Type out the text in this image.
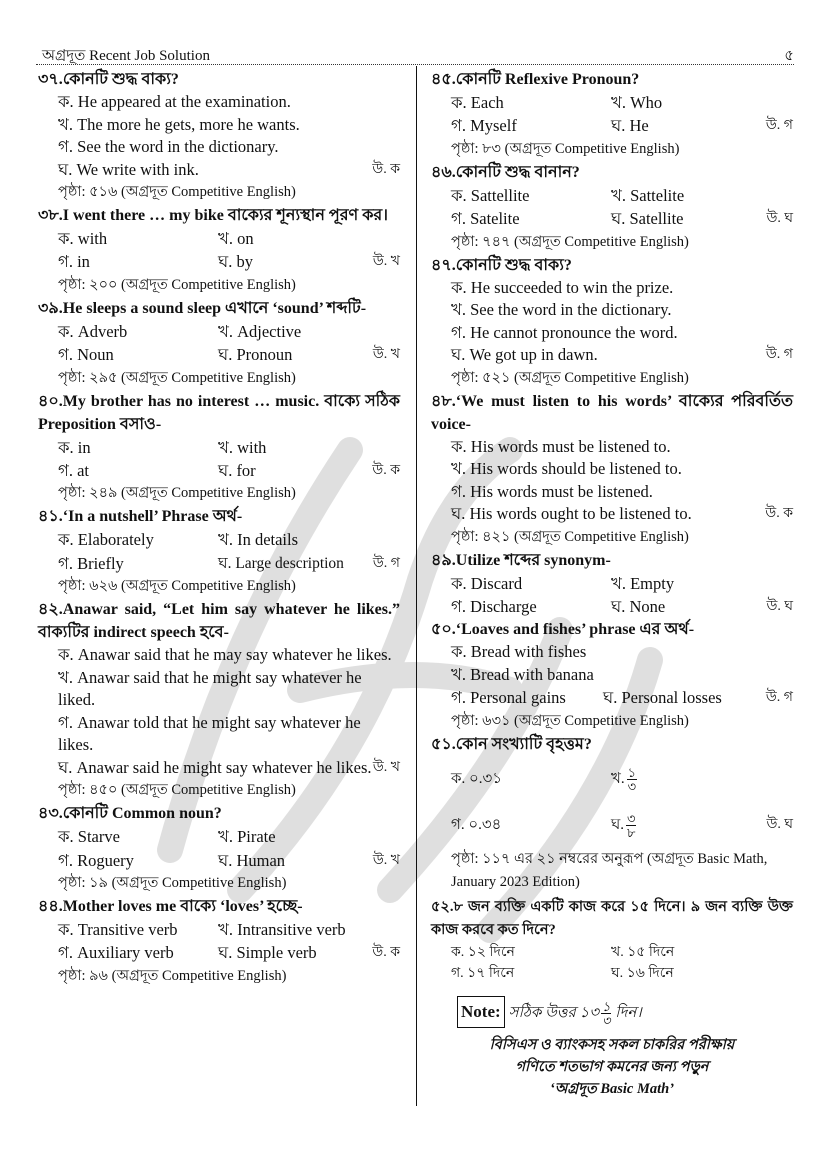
অগ্রদূত Recent Job Solution	৫
৩৭.কোনটি শুদ্ধ বাক্য?
ক. He appeared at the examination.
খ. The more he gets, more he wants.
গ. See the word in the dictionary.
ঘ. We write with ink.	উ. ক
পৃষ্ঠা: ৫১৬ (অগ্রদূত Competitive English)
৩৮.I went there … my bike বাক্যের শূন্যস্থান পূরণ কর।
ক. with	খ. on
গ. in	ঘ. by	উ. খ
পৃষ্ঠা: ২০০ (অগ্রদূত Competitive English)
৩৯.He sleeps a sound sleep এখানে ‘sound’ শব্দটি-
ক. Adverb	খ. Adjective
গ. Noun	ঘ. Pronoun	উ. খ
পৃষ্ঠা: ২৯৫ (অগ্রদূত Competitive English)
৪০.My brother has no interest … music. বাক্যে সঠিক Preposition বসাও-
ক. in	খ. with
গ. at	ঘ. for	উ. ক
পৃষ্ঠা: ২৪৯ (অগ্রদূত Competitive English)
৪১.‘In a nutshell’ Phrase অর্থ-
ক. Elaborately	খ. In details
গ. Briefly	ঘ. Large description উ. গ
পৃষ্ঠা: ৬২৬ (অগ্রদূত Competitive English)
৪২.Anawar said, “Let him say whatever he likes.” বাক্যটির indirect speech হবে-
ক. Anawar said that he may say whatever he likes.
খ. Anawar said that he might say whatever he liked.
গ. Anawar told that he might say whatever he likes.
ঘ. Anawar said he might say whatever he likes. উ. খ
পৃষ্ঠা: ৪৫০ (অগ্রদূত Competitive English)
৪৩.কোনটি Common noun?
ক. Starve	খ. Pirate
গ. Roguery	ঘ. Human	উ. খ
পৃষ্ঠা: ১৯ (অগ্রদূত Competitive English)
৪৪.Mother loves me বাক্যে ‘loves’ হচ্ছে-
ক. Transitive verb খ. Intransitive verb
গ. Auxiliary verb	ঘ. Simple verb	উ. ক
পৃষ্ঠা: ৯৬ (অগ্রদূত Competitive English)
৪৫.কোনটি Reflexive Pronoun?
ক. Each	খ. Who
গ. Myself	ঘ. He	উ. গ
পৃষ্ঠা: ৮৩ (অগ্রদূত Competitive English)
৪৬.কোনটি শুদ্ধ বানান?
ক. Sattellite	খ. Sattelite
গ. Satelite	ঘ. Satellite	উ. ঘ
পৃষ্ঠা: ৭৪৭ (অগ্রদূত Competitive English)
৪৭.কোনটি শুদ্ধ বাক্য?
ক. He succeeded to win the prize.
খ. See the word in the dictionary.
গ. He cannot pronounce the word.
ঘ. We got up in dawn.	উ. গ
পৃষ্ঠা: ৫২১ (অগ্রদূত Competitive English)
৪৮.‘We must listen to his words’ বাক্যের পরিবর্তিত voice-
ক. His words must be listened to.
খ. His words should be listened to.
গ. His words must be listened.
ঘ. His words ought to be listened to.	উ. ক
পৃষ্ঠা: ৪২১ (অগ্রদূত Competitive English)
৪৯.Utilize শব্দের synonym-
ক. Discard	খ. Empty
গ. Discharge	ঘ. None	উ. ঘ
৫০.‘Loaves and fishes’ phrase এর অর্থ-
ক. Bread with fishes
খ. Bread with banana
গ. Personal gains ঘ. Personal losses	উ. গ
পৃষ্ঠা: ৬৩১ (অগ্রদূত Competitive English)
৫১.কোন সংখ্যাটি বৃহত্তম?
ক. ০.৩১	খ. $\frac{১}{৩}$
গ. ০.৩৪	ঘ. $\frac{৩}{৮}$	উ. ঘ
পৃষ্ঠা: ১১৭ এর ২১ নম্বরের অনুরূপ (অগ্রদূত Basic Math, January 2023 Edition)
৫২.৮ জন ব্যক্তি একটি কাজ করে ১৫ দিনে। ৯ জন ব্যক্তি উক্ত কাজ করবে কত দিনে?
ক. ১২ দিনে	খ. ১৫ দিনে
গ. ১৭ দিনে	ঘ. ১৬ দিনে
Note: সঠিক উত্তর ১৩ $\frac{১}{৩}$ দিন।
বিসিএস ও ব্যাংকসহ সকল চাকরির পরীক্ষায়
গণিতে শতভাগ কমনের জন্য পড়ুন
‘অগ্রদূত Basic Math’
